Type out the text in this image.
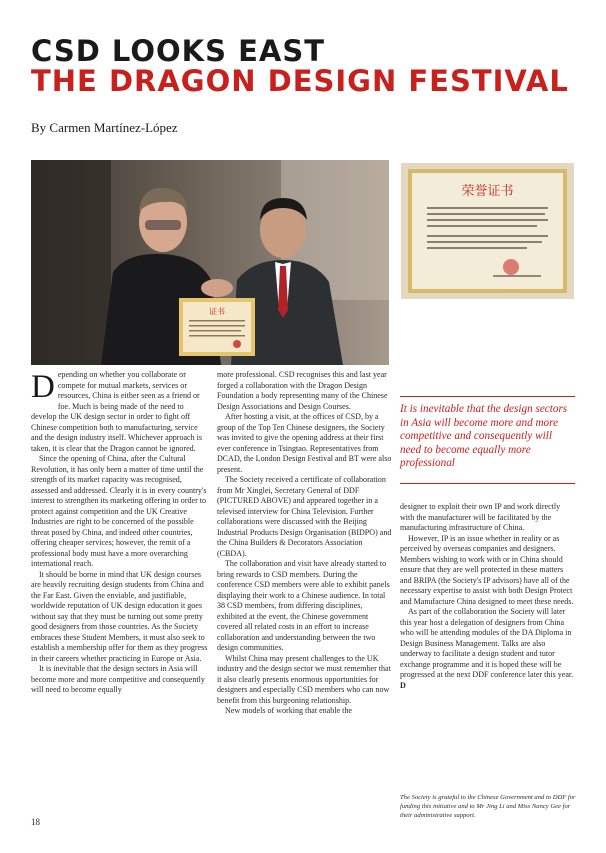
CSD LOOKS EAST
THE DRAGON DESIGN FESTIVAL
By Carmen Martínez-López
证书
荣誉证书

Depending on whether you collaborate or compete for mutual markets, services or resources, China is either seen as a friend or foe. Much is being made of the need to develop the UK design sector in order to fight off Chinese competition both to manufacturing, service and the design industry itself. Whichever approach is taken, it is clear that the Dragon cannot be ignored.

Since the opening of China, after the Cultural Revolution, it has only been a matter of time until the strength of its market capacity was recognised, assessed and addressed. Clearly it is in every country's interest to strengthen its marketing offering in order to protect against competition and the UK Creative Industries are right to be concerned of the possible threat posed by China, and indeed other countries, offering cheaper services; however, the remit of a professional body must have a more overarching international reach.

It should be borne in mind that UK design courses are heavily recruiting design students from China and the Far East. Given the enviable, and justifiable, worldwide reputation of UK design education it goes without say that they must be turning out some pretty good designers from those countries. As the Society embraces these Student Members, it must also seek to establish a membership offer for them as they progress in their careers whether practicing in Europe or Asia.

It is inevitable that the design sectors in Asia will become more and more competitive and consequently will need to become equally

more professional. CSD recognises this and last year forged a collaboration with the Dragon Design Foundation a body representing many of the Chinese Design Associations and Design Courses.

After hosting a visit, at the offices of CSD, by a group of the Top Ten Chinese designers, the Society was invited to give the opening address at their first ever conference in Tsingtao. Representatives from DCAD, the London Design Festival and BT were also present.

The Society received a certificate of collaboration from Mr Xinglei, Secretary General of DDF (PICTURED ABOVE) and appeared together in a televised interview for China Television. Further collaborations were discussed with the Beijing Industrial Products Design Organisation (BIDPO) and the China Builders & Decorators Association (CBDA).

The collaboration and visit have already started to bring rewards to CSD members. During the conference CSD members were able to exhibit panels displaying their work to a Chinese audience. In total 38 CSD members, from differing disciplines, exhibited at the event, the Chinese government covered all related costs in an effort to increase collaboration and understanding between the two design communities.

Whilst China may present challenges to the UK industry and the design sector we must remember that it also clearly presents enormous opportunities for designers and especially CSD members who can now benefit from this burgeoning relationship.

New models of working that enable the

It is inevitable that the design sectors in Asia will become more and more competitive and consequently will need to become equally more professional

designer to exploit their own IP and work directly with the manufacturer will be facilitated by the manufacturing infrastructure of China.

However, IP is an issue whether in reality or as perceived by overseas companies and designers. Members wishing to work with or in China should ensure that they are well protected in these matters and BRIPA (the Society's IP advisors) have all of the necessary expertise to assist with both Design Protect and Manufacture China designed to meet these needs.

As part of the collaboration the Society will later this year host a delegation of designers from China who will be attending modules of the DA Diploma in Design Business Management. Talks are also underway to facilitate a design student and tutor exchange programme and it is hoped these will be progressed at the next DDF conference later this year. D

The Society is grateful to the Chinese Government and to DDF for funding this initiative and to Mr Jing Li and Miss Nancy Gee for their administrative support.
18
